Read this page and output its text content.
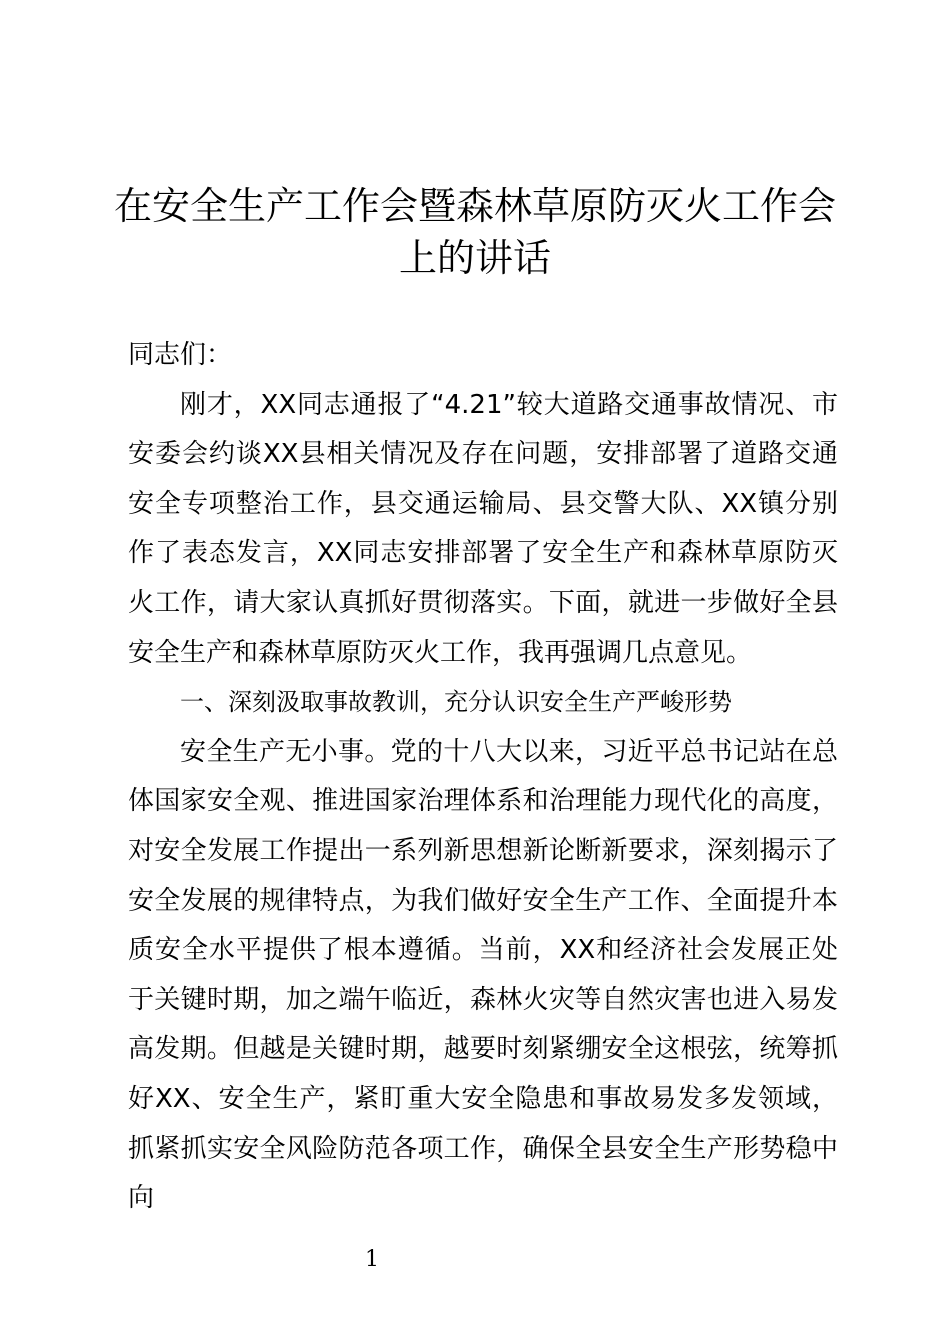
在安全生产工作会暨森林草原防灭火工作会上的讲话

同志们：

刚才，XX同志通报了“4.21”较大道路交通事故情况、市安委会约谈XX县相关情况及存在问题，安排部署了道路交通安全专项整治工作，县交通运输局、县交警大队、XX镇分别作了表态发言，XX同志安排部署了安全生产和森林草原防灭火工作，请大家认真抓好贯彻落实。下面，就进一步做好全县安全生产和森林草原防灭火工作，我再强调几点意见。

一、深刻汲取事故教训，充分认识安全生产严峻形势

安全生产无小事。党的十八大以来，习近平总书记站在总体国家安全观、推进国家治理体系和治理能力现代化的高度，对安全发展工作提出一系列新思想新论断新要求，深刻揭示了安全发展的规律特点，为我们做好安全生产工作、全面提升本质安全水平提供了根本遵循。当前，XX和经济社会发展正处于关键时期，加之端午临近，森林火灾等自然灾害也进入易发高发期。但越是关键时期，越要时刻紧绷安全这根弦，统筹抓好XX、安全生产，紧盯重大安全隐患和事故易发多发领域，抓紧抓实安全风险防范各项工作，确保全县安全生产形势稳中向

1
